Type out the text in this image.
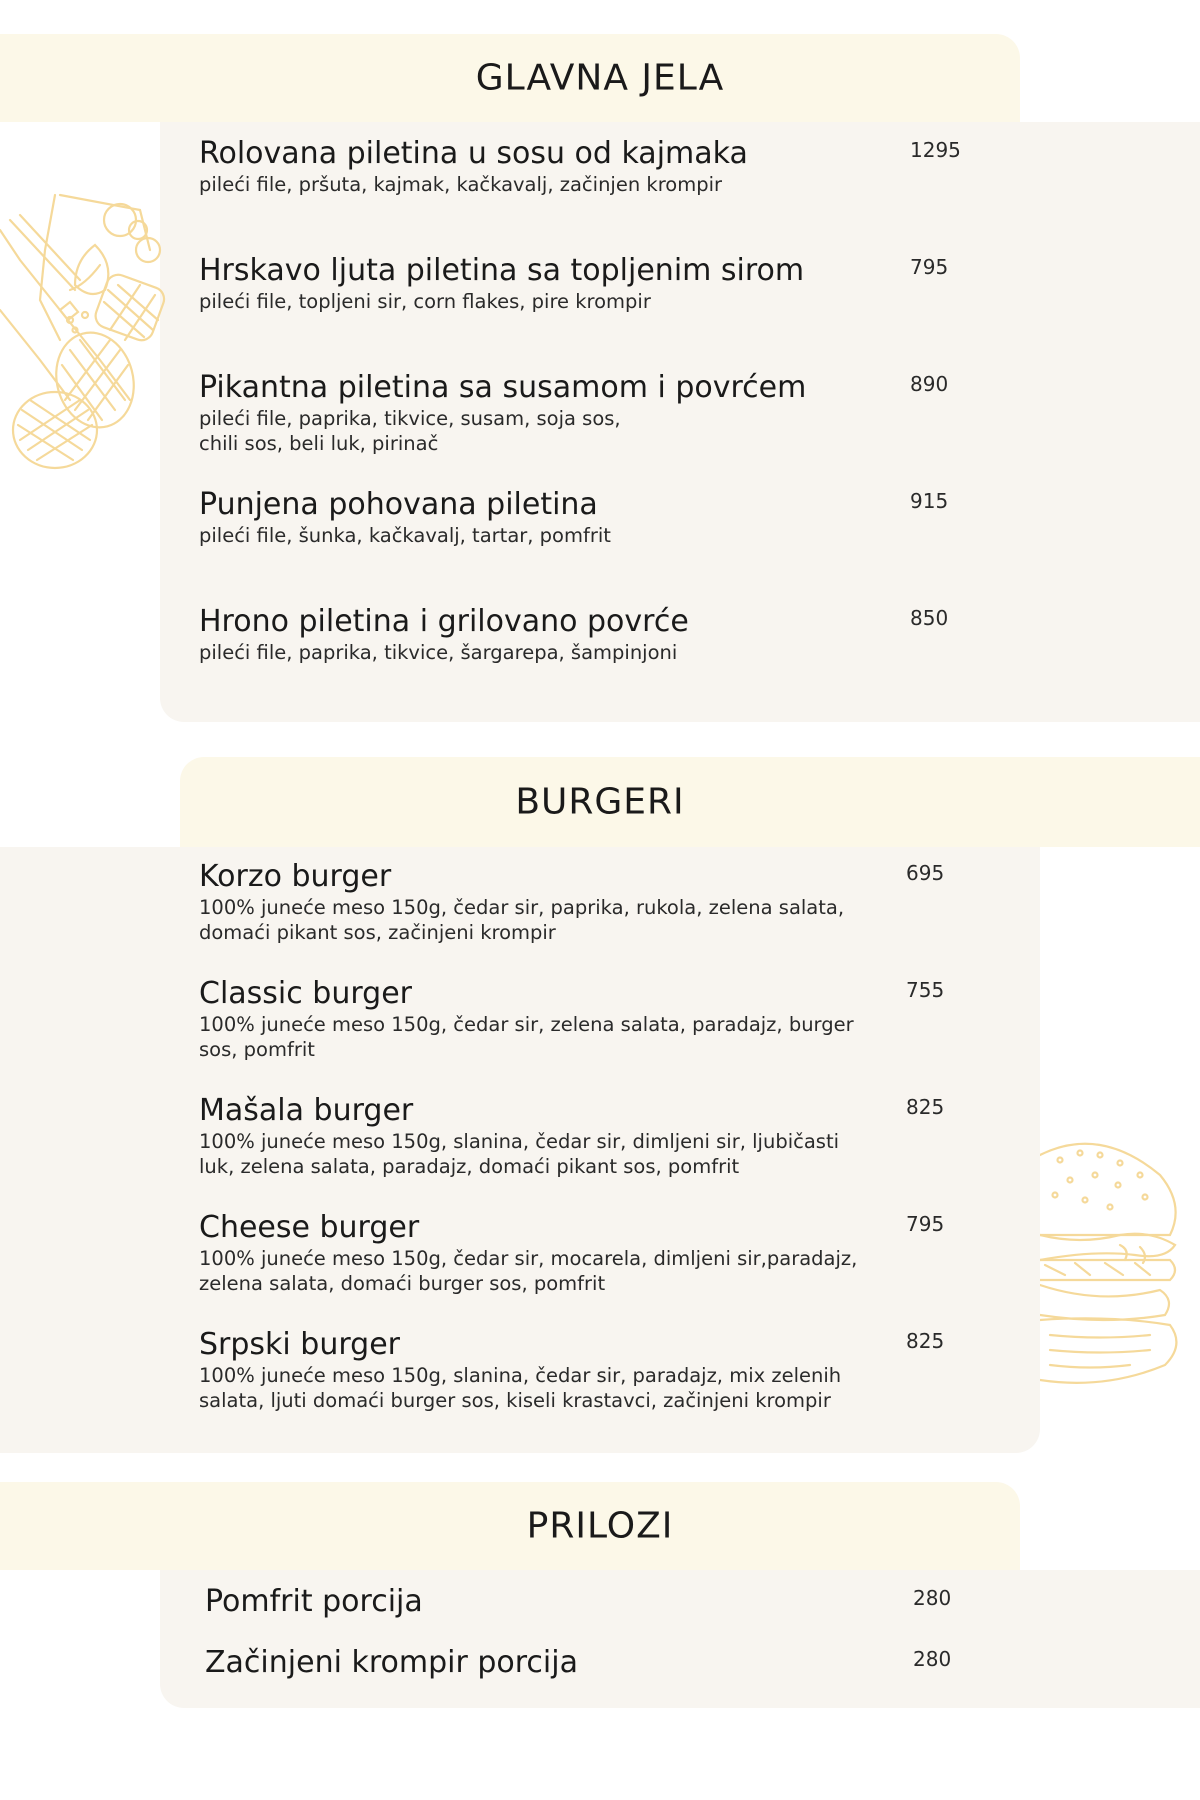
GLAVNA JELA
Rolovana piletina u sosu od kajmaka
pileći file, pršuta, kajmak, kačkavalj, začinjen krompir
1295
Hrskavo ljuta piletina sa topljenim sirom
pileći file, topljeni sir, corn flakes, pire krompir
795
Pikantna piletina sa susamom i povrćem
pileći file, paprika, tikvice, susam, soja sos,
chili sos, beli luk, pirinač
890
Punjena pohovana piletina
pileći file, šunka, kačkavalj, tartar, pomfrit
915
Hrono piletina i grilovano povrće
pileći file, paprika, tikvice, šargarepa, šampinjoni
850
BURGERI
Korzo burger
100% juneće meso 150g, čedar sir, paprika, rukola, zelena salata,
domaći pikant sos, začinjeni krompir
695
Classic burger
100% juneće meso 150g, čedar sir, zelena salata, paradajz, burger
sos, pomfrit
755
Mašala burger
100% juneće meso 150g, slanina, čedar sir, dimljeni sir, ljubičasti
luk, zelena salata, paradajz, domaći pikant sos, pomfrit
825
Cheese burger
100% juneće meso 150g, čedar sir, mocarela, dimljeni sir,paradajz,
zelena salata, domaći burger sos, pomfrit
795
Srpski burger
100% juneće meso 150g, slanina, čedar sir, paradajz, mix zelenih
salata, ljuti domaći burger sos, kiseli krastavci, začinjeni krompir
825
PRILOZI
Pomfrit porcija	280
Začinjeni krompir porcija	280
